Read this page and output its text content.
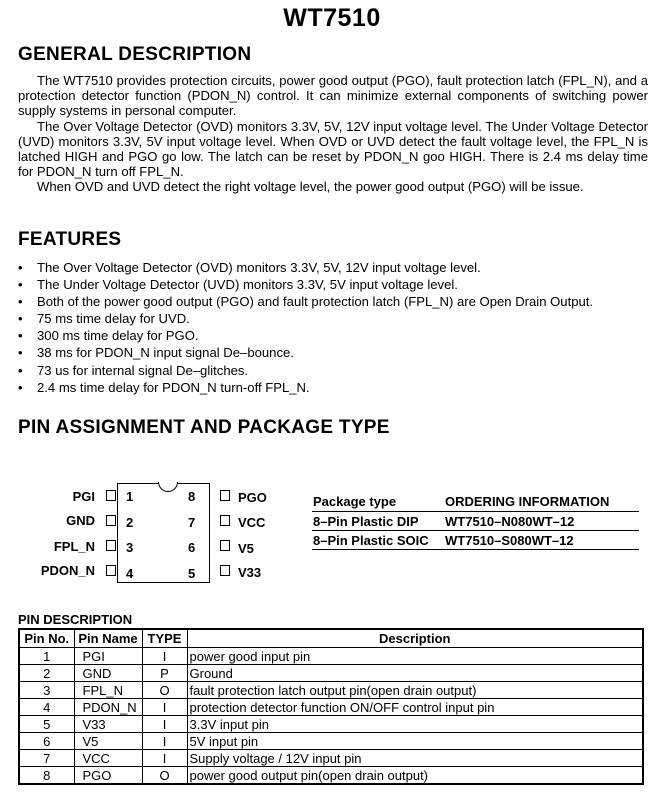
WT7510
GENERAL DESCRIPTION

The WT7510 provides protection circuits, power good output (PGO), fault protection latch (FPL_N), and a protection detector function (PDON_N) control. It can minimize external components of switching power supply systems in personal computer.

The Over Voltage Detector (OVD) monitors 3.3V, 5V, 12V input voltage level. The Under Voltage Detector (UVD) monitors 3.3V, 5V input voltage level. When OVD or UVD detect the fault voltage level, the FPL_N is latched HIGH and PGO go low. The latch can be reset by PDON_N goo HIGH. There is 2.4 ms delay time for PDON_N turn off FPL_N.

When OVD and UVD detect the right voltage level, the power good output (PGO) will be issue.

FEATURES
• The Over Voltage Detector (OVD) monitors 3.3V, 5V, 12V input voltage level.
• The Under Voltage Detector (UVD) monitors 3.3V, 5V input voltage level.
• Both of the power good output (PGO) and fault protection latch (FPL_N) are Open Drain Output.
• 75 ms time delay for UVD.
• 300 ms time delay for PGO.
• 38 ms for PDON_N input signal De–bounce.
• 73 us for internal signal De–glitches.
• 2.4 ms time delay for PDON_N turn-off FPL_N.
PIN ASSIGNMENT AND PACKAGE TYPE
PGI
GND
FPL_N
PDON_N
1
2
3
4
8
7
6
5
PGO
VCC
V5
V33
Package type	ORDERING INFORMATION
8–Pin Plastic DIP WT7510–N080WT–12
8–Pin Plastic SOIC WT7510–S080WT–12
PIN DESCRIPTION
Pin No.	Pin Name	TYPE	Description
1	PGI	I	power good input pin
2	GND	P	Ground
3	FPL_N	O	fault protection latch output pin(open drain output)
4	PDON_N	I	protection detector function ON/OFF control input pin
5	V33	I	3.3V input pin
6	V5	I	5V input pin
7	VCC	I	Supply voltage / 12V input pin
8	PGO	O	power good output pin(open drain output)
